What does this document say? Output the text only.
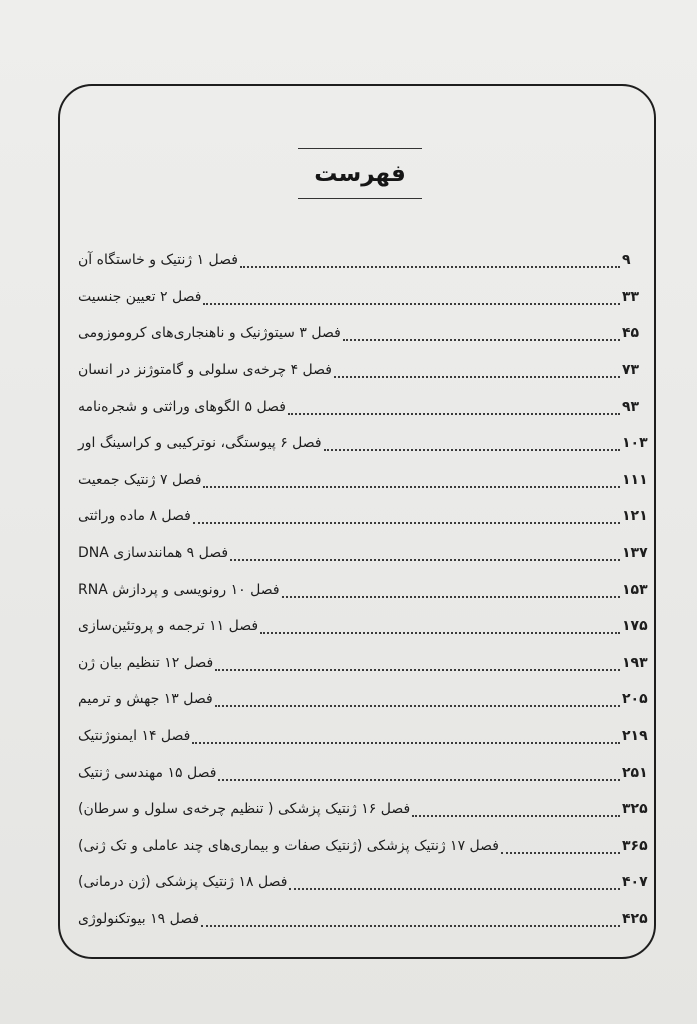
فهرست
فصل ۱ ژنتیک و خاستگاه آن	۹
فصل ۲ تعیین جنسیت	۳۳
فصل ۳ سیتوژنیک و ناهنجاری‌های کروموزومی	۴۵
فصل ۴ چرخه‌ی سلولی و گامتوژنز در انسان	۷۳
فصل ۵ الگوهای وراثتی و شجره‌نامه	۹۳
فصل ۶ پیوستگی، نوترکیبی و کراسینگ اور	۱۰۳
فصل ۷ ژنتیک جمعیت	۱۱۱
فصل ۸ ماده وراثتی	۱۲۱
فصل ۹ همانندسازی DNA	۱۳۷
فصل ۱۰ رونویسی و پردازش RNA	۱۵۳
فصل ۱۱ ترجمه و پروتئین‌سازی	۱۷۵
فصل ۱۲ تنظیم بیان ژن	۱۹۳
فصل ۱۳ جهش و ترمیم	۲۰۵
فصل ۱۴ ایمنوژنتیک	۲۱۹
فصل ۱۵ مهندسی ژنتیک	۲۵۱
فصل ۱۶ ژنتیک پزشکی ( تنظیم چرخه‌ی سلول و سرطان)	۳۲۵
فصل ۱۷ ژنتیک پزشکی (ژنتیک صفات و بیماری‌های چند عاملی و تک ژنی)	۳۶۵
فصل ۱۸ ژنتیک پزشکی (ژن درمانی)	۴۰۷
فصل ۱۹ بیوتکنولوژی	۴۲۵
